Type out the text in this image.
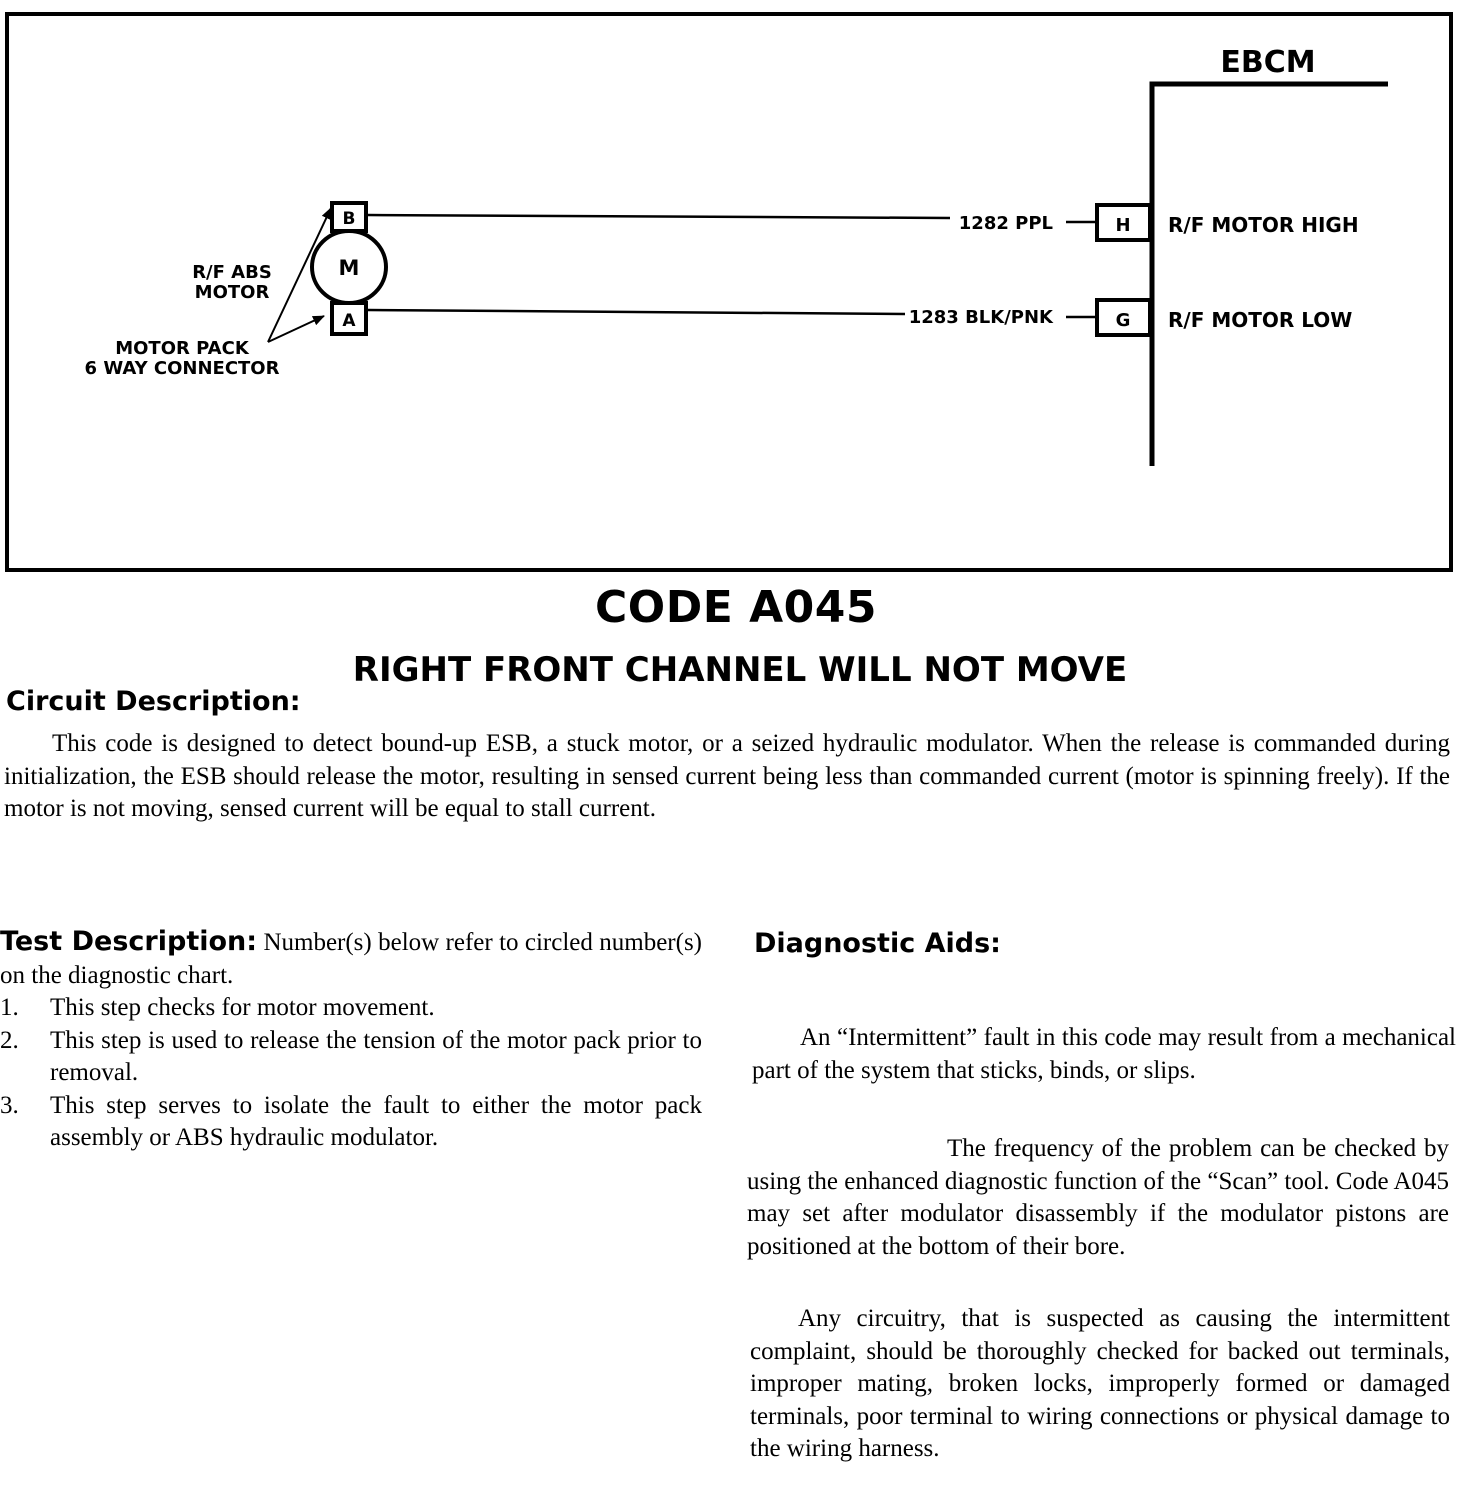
EBCM
H
G
R/F MOTOR HIGH
R/F MOTOR LOW
1282 PPL
1283 BLK/PNK
M
B
A
R/F ABS
MOTOR
MOTOR PACK
6 WAY CONNECTOR
CODE A045
RIGHT FRONT CHANNEL WILL NOT MOVE
Circuit Description:
This code is designed to detect bound-up ESB, a stuck motor, or a seized hydraulic modulator. When the release is commanded during initialization, the ESB should release the motor, resulting in sensed current being less than commanded current (motor is spinning freely). If the motor is not moving, sensed current will be equal to stall current.
Test Description: Number(s) below refer to circled number(s) on the diagnostic chart.
1. This step checks for motor movement.
2. This step is used to release the tension of the motor pack prior to removal.
3. This step serves to isolate the fault to either the motor pack assembly or ABS hydraulic modulator.
Diagnostic Aids:
An “Intermittent” fault in this code may result from a mechanical part of the system that sticks, binds, or slips.
The frequency of the problem can be checked by using the enhanced diagnostic function of the “Scan” tool. Code A045 may set after modulator disassembly if the modulator pistons are positioned at the bottom of their bore.
Any circuitry, that is suspected as causing the intermittent complaint, should be thoroughly checked for backed out terminals, improper mating, broken locks, improperly formed or damaged terminals, poor terminal to wiring connections or physical damage to the wiring harness.
